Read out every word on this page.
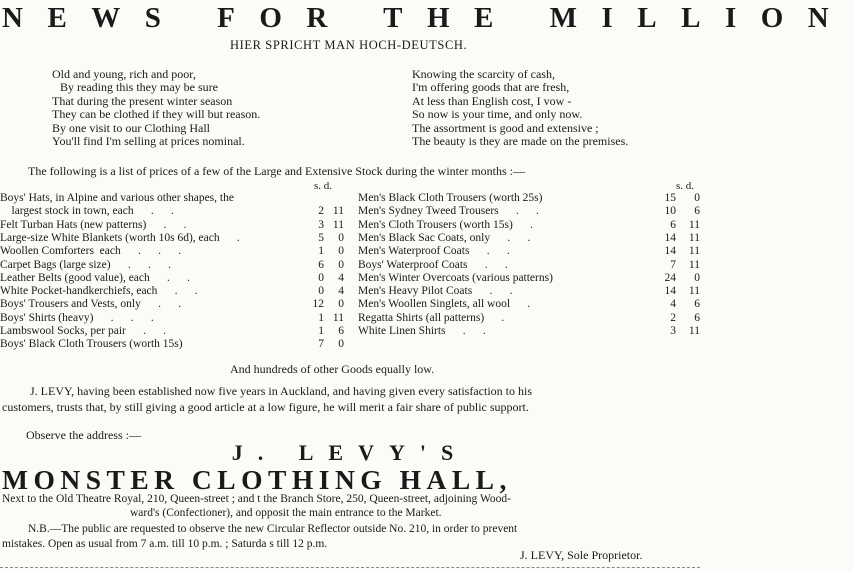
NEWS FOR THE MILLION
HIER SPRICHT MAN HOCH-DEUTSCH.
Old and young, rich and poor,
By reading this they may be sure
That during the present winter season
They can be clothed if they will but reason.
By one visit to our Clothing Hall
You'll find I'm selling at prices nominal.
Knowing the scarcity of cash,
I'm offering goods that are fresh,
At less than English cost, I vow -
So now is your time, and only now.
The assortment is good and extensive ;
The beauty is they are made on the premises.
The following is a list of prices of a few of the Large and Extensive Stock during the winter months :—
s. d.	s. d.
Boys' Hats, in Alpine and various other shapes, the
largest stock in town, each      .      .	2 11
Felt Turban Hats (new patterns)      .      .	3 11
Large-size White Blankets (worth 10s 6d), each      .	5	0
Woollen Comforters  each      .      .      .	1	0
Carpet Bags (large size)      .      .      .	6	0
Leather Belts (good value), each      .      .	0	4
White Pocket-handkerchiefs, each      .      .	0	4
Boys' Trousers and Vests, only      .      .	12	0
Boys' Shirts (heavy)      .      .      .	1 11
Lambswool Socks, per pair      .      .	1	6
Boys' Black Cloth Trousers (worth 15s)	7	0
Men's Black Cloth Trousers (worth 25s)	15	0
Men's Sydney Tweed Trousers      .      .	10	6
Men's Cloth Trousers (worth 15s)      .	6	11
Men's Black Sac Coats, only      .      .	14	11
Men's Waterproof Coats      .      .	14	11
Boys' Waterproof Coats      .      .	7	11
Men's Winter Overcoats (various patterns)	24	0
Men's Heavy Pilot Coats      .      .	14	11
Men's Woollen Singlets, all wool      .	4	6
Regatta Shirts (all patterns)      .	2	6
White Linen Shirts      .      .	3	11
And hundreds of other Goods equally low.
J. LEVY, having been established now five years in Auckland, and having given every satisfaction to his
customers, trusts that, by still giving a good article at a low figure, he will merit a fair share of public support.
Observe the address :—
J. LEVY'S
MONSTER CLOTHING HALL,
Next to the Old Theatre Royal, 210, Queen-street ; and t the Branch Store, 250, Queen-street, adjoining Wood-
ward's (Confectioner), and opposit the main entrance to the Market.
N.B.—The public are requested to observe the new Circular Reflector outside No. 210, in order to prevent
mistakes. Open as usual from 7 a.m. till 10 p.m. ; Saturda s till 12 p.m.
J. LEVY, Sole Proprietor.
